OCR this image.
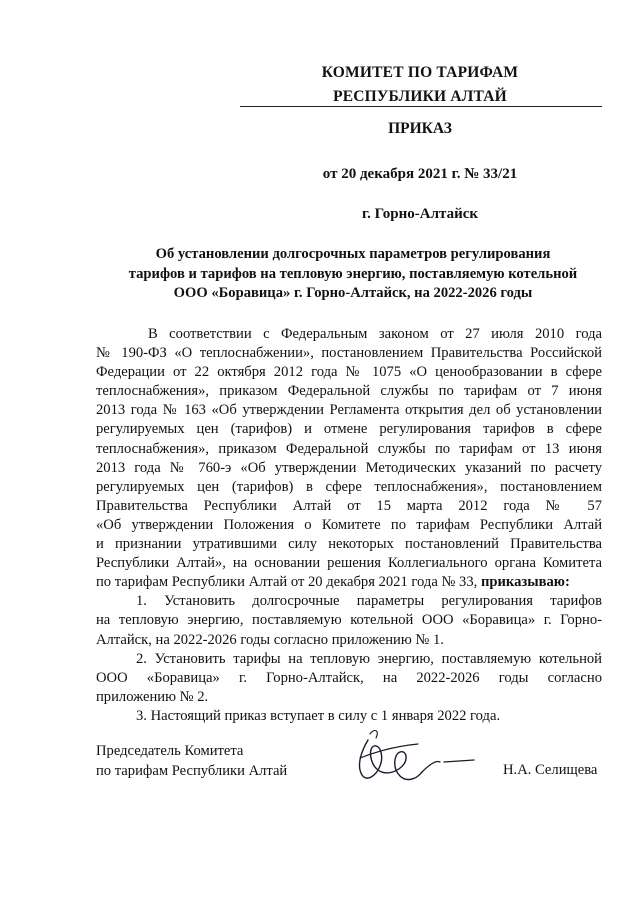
КОМИТЕТ ПО ТАРИФАМ
РЕСПУБЛИКИ АЛТАЙ
ПРИКАЗ
от 20 декабря 2021 г. № 33/21
г. Горно-Алтайск
Об установлении долгосрочных параметров регулирования
тарифов и тарифов на тепловую энергию, поставляемую котельной
ООО «Боравица» г. Горно-Алтайск, на 2022-2026 годы

В соответствии с Федеральным законом от 27 июля 2010 года

№ 190-ФЗ «О теплоснабжении», постановлением Правительства Российской

Федерации от 22 октября 2012 года № 1075 «О ценообразовании в сфере

теплоснабжения», приказом Федеральной службы по тарифам от 7 июня

2013 года № 163 «Об утверждении Регламента открытия дел об установлении

регулируемых цен (тарифов) и отмене регулирования тарифов в сфере

теплоснабжения», приказом Федеральной службы по тарифам от 13 июня

2013 года № 760-э «Об утверждении Методических указаний по расчету

регулируемых цен (тарифов) в сфере теплоснабжения», постановлением

Правительства Республики Алтай от 15 марта 2012 года № 57

«Об утверждении Положения о Комитете по тарифам Республики Алтай

и признании утратившими силу некоторых постановлений Правительства

Республики Алтай», на основании решения Коллегиального органа Комитета

по тарифам Республики Алтай от 20 декабря 2021 года № 33, приказываю:

1. Установить долгосрочные параметры регулирования тарифов

на тепловую энергию, поставляемую котельной ООО «Боравица» г. Горно-

Алтайск, на 2022-2026 годы согласно приложению № 1.

2. Установить тарифы на тепловую энергию, поставляемую котельной

ООО «Боравица» г. Горно-Алтайск, на 2022-2026 годы согласно

приложению № 2.

3. Настоящий приказ вступает в силу с 1 января 2022 года.

Председатель Комитета
по тарифам Республики Алтай	Н.А. Селищева
